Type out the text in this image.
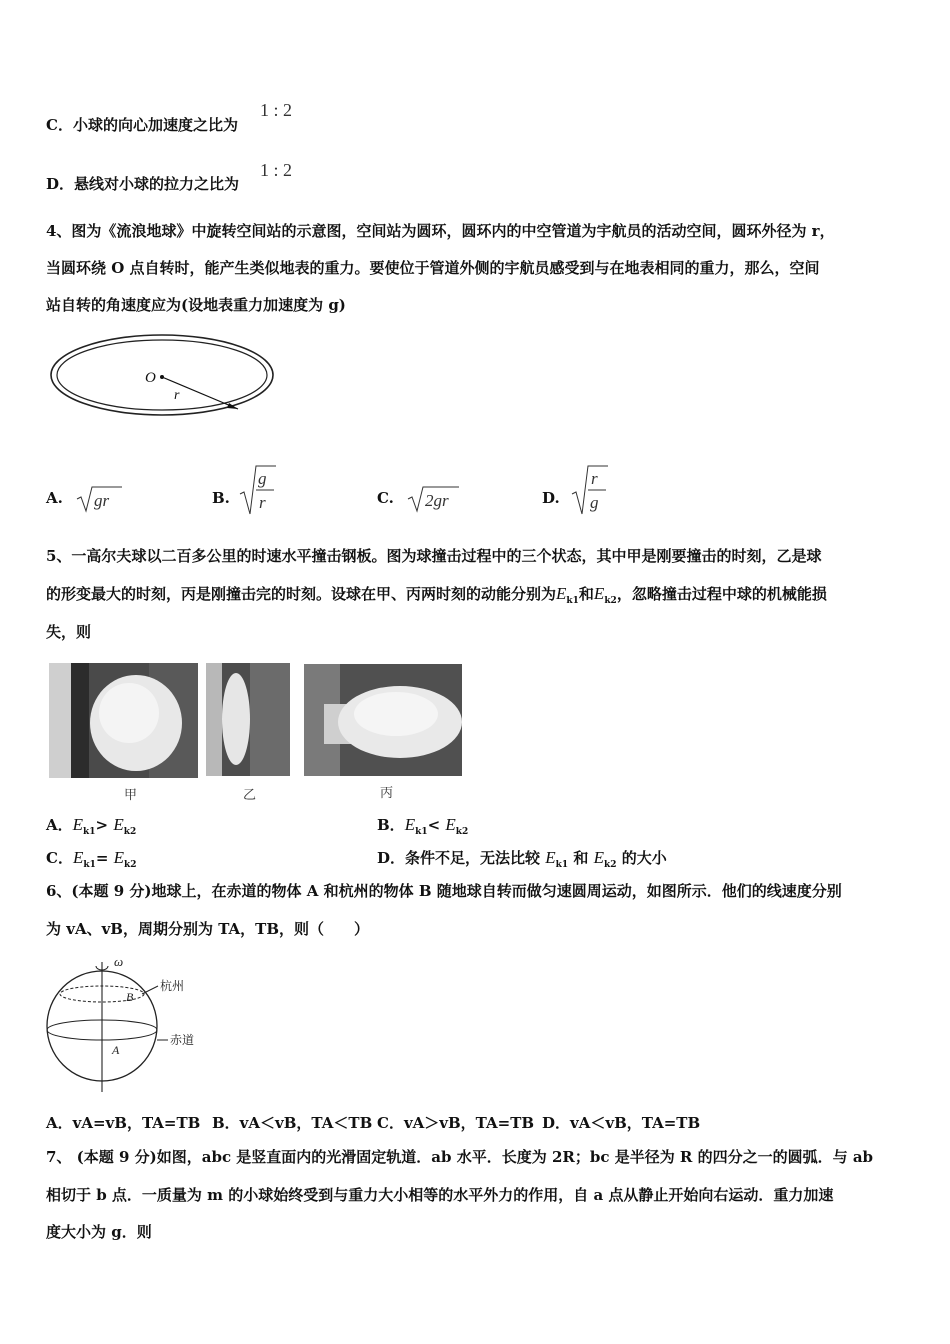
C．小球的向心加速度之比为
1 : 2
D．悬线对小球的拉力之比为
1 : 2
4、图为《流浪地球》中旋转空间站的示意图，空间站为圆环，圆环内的中空管道为宇航员的活动空间，圆环外径为 r，
当圆环绕 O 点自转时，能产生类似地表的重力。要使位于管道外侧的宇航员感受到与在地表相同的重力，那么，空间
站自转的角速度应为(设地表重力加速度为 g)
O
r
A. gr	B.
g
r	C. 2gr	D.
r
g
5、一高尔夫球以二百多公里的时速水平撞击钢板。图为球撞击过程中的三个状态，其中甲是刚要撞击的时刻，乙是球
的形变最大的时刻，丙是刚撞击完的时刻。设球在甲、丙两时刻的动能分别为$E_{k1}$和$E_{k2}$，忽略撞击过程中球的机械能损
失，则
甲	乙	丙
A．$E_{k1}> E_{k2}$	B．$E_{k1}< E_{k2}$
C．$E_{k1}= E_{k2}$	D．条件不足，无法比较 $E_{k1}$ 和 $E_{k2}$ 的大小
6、(本题 9 分)地球上，在赤道的物体 A 和杭州的物体 B 随地球自转而做匀速圆周运动，如图所示．他们的线速度分别
为 vA、vB，周期分别为 TA，TB，则（　　）
ω
B
杭州
A
赤道
A．vA=vB，TA=TB B．vA＜vB，TA＜TB C．vA＞vB，TA=TB D．vA＜vB，TA=TB
7、 (本题 9 分)如图，abc 是竖直面内的光滑固定轨道．ab 水平．长度为 2R；bc 是半径为 R 的四分之一的圆弧．与 ab
相切于 b 点．一质量为 m 的小球始终受到与重力大小相等的水平外力的作用，自 a 点从静止开始向右运动．重力加速
度大小为 g．则
